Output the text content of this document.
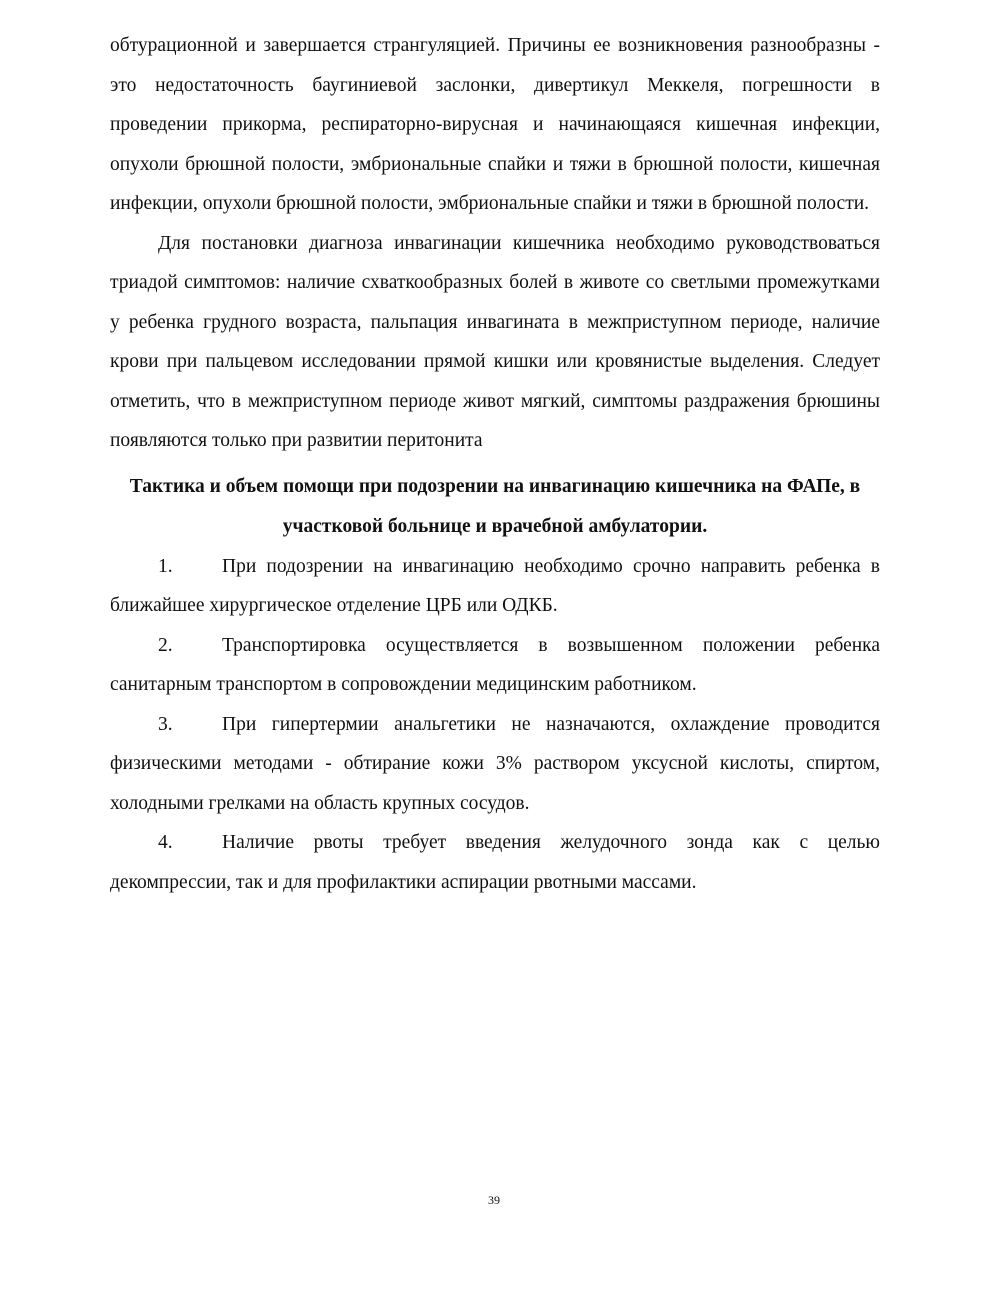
обтурационной и завершается странгуляцией. Причины ее возникновения разнообразны - это недостаточность баугиниевой заслонки, дивертикул Меккеля, погрешности в проведении прикорма, респираторно-вирусная и начинающаяся кишечная инфекции, опухоли брюшной полости, эмбриональные спайки и тяжи в брюшной полости, кишечная инфекции, опухоли брюшной полости, эмбриональные спайки и тяжи в брюшной полости.

Для постановки диагноза инвагинации кишечника необходимо руководствоваться триадой симптомов: наличие схваткообразных болей в животе со светлыми промежутками у ребенка грудного возраста, пальпация инвагината в межприступном периоде, наличие крови при пальцевом исследовании прямой кишки или кровянистые выделения. Следует отметить, что в межприступном периоде живот мягкий, симптомы раздражения брюшины появляются только при развитии перитонита

Тактика и объем помощи при подозрении на инвагинацию кишечника на ФАПе, в участковой больнице и врачебной амбулатории.

1.	При подозрении на инвагинацию необходимо срочно направить ребенка в ближайшее хирургическое отделение ЦРБ или ОДКБ.

2.	Транспортировка осуществляется в возвышенном положении ребенка санитарным транспортом в сопровождении медицинским работником.

3.	При гипертермии анальгетики не назначаются, охлаждение проводится физическими методами - обтирание кожи 3% раствором уксусной кислоты, спиртом, холодными грелками на область крупных сосудов.

4.	Наличие рвоты требует введения желудочного зонда как с целью декомпрессии, так и для профилактики аспирации рвотными массами.

39
